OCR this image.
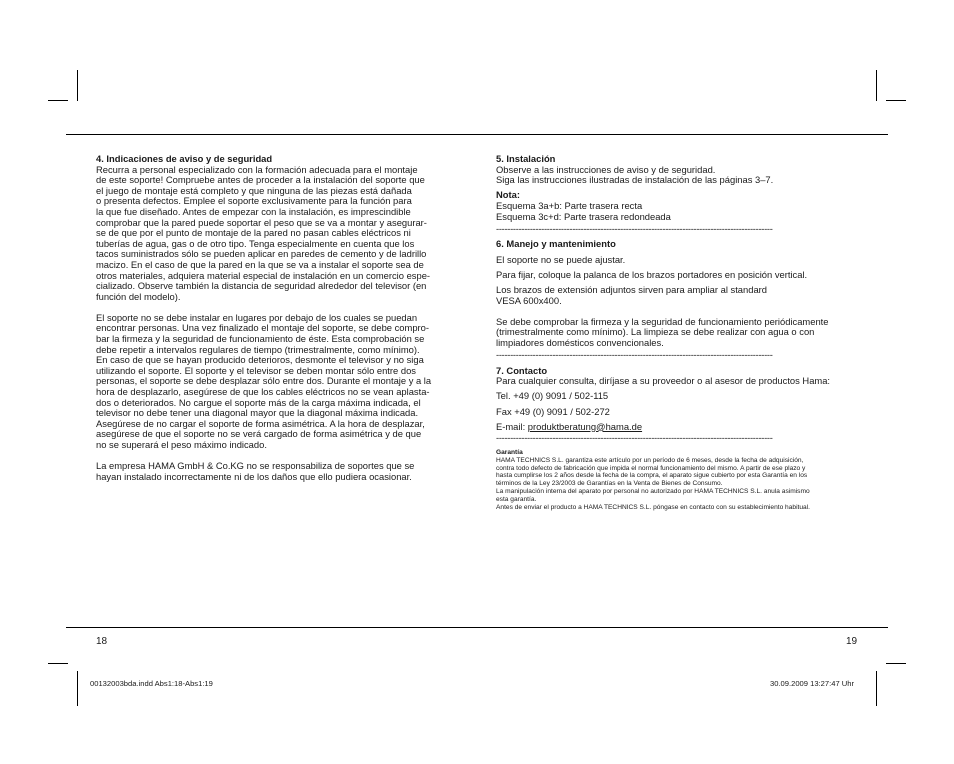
4. Indicaciones de aviso y de seguridad

Recurra a personal especializado con la formación adecuada para el montaje

de este soporte! Compruebe antes de proceder a la instalación del soporte que

el juego de montaje está completo y que ninguna de las piezas está dañada

o presenta defectos. Emplee el soporte exclusivamente para la función para

la que fue diseñado. Antes de empezar con la instalación, es imprescindible

comprobar que la pared puede soportar el peso que se va a montar y asegurar-

se de que por el punto de montaje de la pared no pasan cables eléctricos ni

tuberías de agua, gas o de otro tipo. Tenga especialmente en cuenta que los

tacos suministrados sólo se pueden aplicar en paredes de cemento y de ladrillo

macizo. En el caso de que la pared en la que se va a instalar el soporte sea de

otros materiales, adquiera material especial de instalación en un comercio espe-

cializado. Observe también la distancia de seguridad alrededor del televisor (en

función del modelo).

El soporte no se debe instalar en lugares por debajo de los cuales se puedan

encontrar personas. Una vez finalizado el montaje del soporte, se debe compro-

bar la firmeza y la seguridad de funcionamiento de éste. Esta comprobación se

debe repetir a intervalos regulares de tiempo (trimestralmente, como mínimo).

En caso de que se hayan producido deterioros, desmonte el televisor y no siga

utilizando el soporte. El soporte y el televisor se deben montar sólo entre dos

personas, el soporte se debe desplazar sólo entre dos. Durante el montaje y a la

hora de desplazarlo, asegúrese de que los cables eléctricos no se vean aplasta-

dos o deteriorados. No cargue el soporte más de la carga máxima indicada, el

televisor no debe tener una diagonal mayor que la diagonal máxima indicada.

Asegúrese de no cargar el soporte de forma asimétrica. A la hora de desplazar,

asegúrese de que el soporte no se verá cargado de forma asimétrica y de que

no se superará el peso máximo indicado.

La empresa HAMA GmbH & Co.KG no se responsabiliza de soportes que se

hayan instalado incorrectamente ni de los daños que ello pudiera ocasionar.

5. Instalación

Observe a las instrucciones de aviso y de seguridad.

Siga las instrucciones ilustradas de instalación de las páginas 3–7.

Nota:

Esquema 3a+b: Parte trasera recta

Esquema 3c+d: Parte trasera redondeada

--------------------------------------------------------------------------------------------------

6. Manejo y mantenimiento

El soporte no se puede ajustar.

Para fijar, coloque la palanca de los brazos portadores en posición vertical.

Los brazos de extensión adjuntos sirven para ampliar al standard

VESA 600x400.

Se debe comprobar la firmeza y la seguridad de funcionamiento periódicamente

(trimestralmente como mínimo). La limpieza se debe realizar con agua o con

limpiadores domésticos convencionales.

--------------------------------------------------------------------------------------------------

7. Contacto

Para cualquier consulta, diríjase a su proveedor o al asesor de productos Hama:

Tel. +49 (0) 9091 / 502-115

Fax +49 (0) 9091 / 502-272

E-mail: produktberatung@hama.de

--------------------------------------------------------------------------------------------------

Garantía

HAMA TECHNICS S.L. garantiza este artículo por un período de 6 meses, desde la fecha de adquisición,

contra todo defecto de fabricación que impida el normal funcionamiento del mismo. A partir de ese plazo y

hasta cumplirse los 2 años desde la fecha de la compra, el aparato sigue cubierto por esta Garantía en los

términos de la Ley 23/2003 de Garantías en la Venta de Bienes de Consumo.

La manipulación interna del aparato por personal no autorizado por HAMA TECHNICS S.L. anula asimismo

esta garantía.

Antes de enviar el producto a HAMA TECHNICS S.L. póngase en contacto con su establecimiento habitual.

18	19
00132003bda.indd Abs1:18-Abs1:19	30.09.2009 13:27:47 Uhr
